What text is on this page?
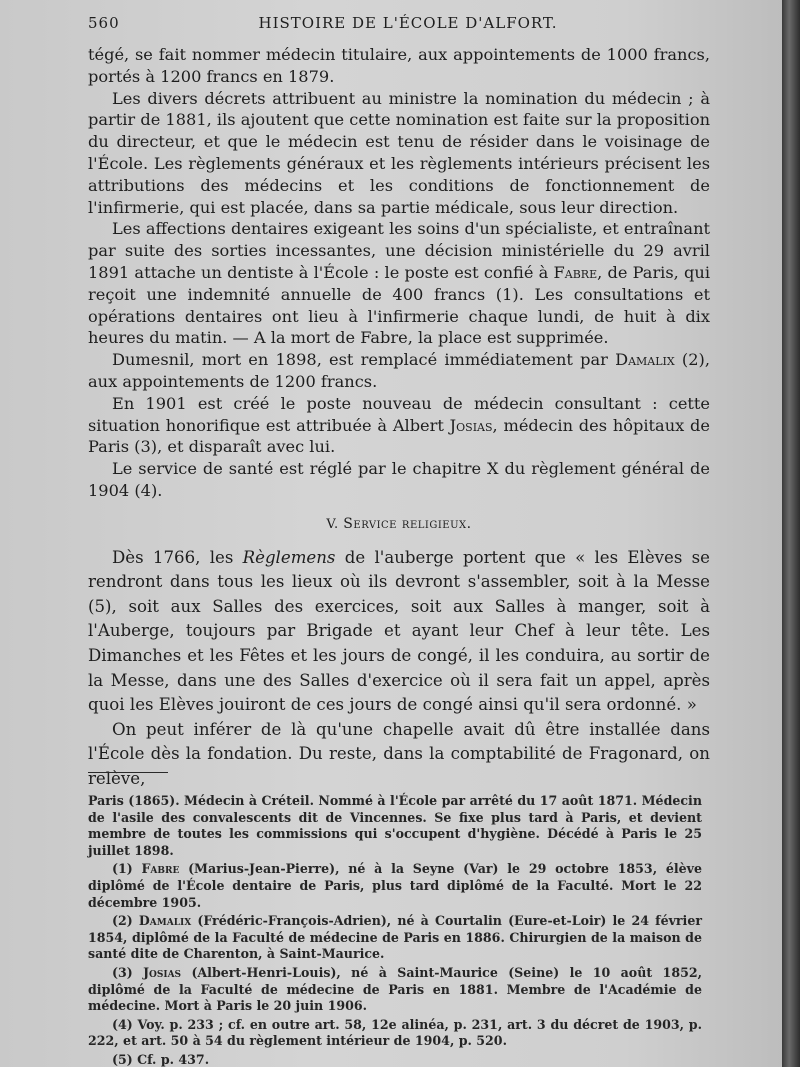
560	HISTOIRE DE L'ÉCOLE D'ALFORT.

tégé, se fait nommer médecin titulaire, aux appointements de 1000 francs, portés à 1200 francs en 1879.

Les divers décrets attribuent au ministre la nomination du médecin ; à partir de 1881, ils ajoutent que cette nomination est faite sur la proposition du directeur, et que le médecin est tenu de résider dans le voisinage de l'École. Les règlements généraux et les règlements intérieurs précisent les attributions des médecins et les conditions de fonctionnement de l'infirmerie, qui est placée, dans sa partie médicale, sous leur direction.

Les affections dentaires exigeant les soins d'un spécialiste, et entraînant par suite des sorties incessantes, une décision ministérielle du 29 avril 1891 attache un dentiste à l'École : le poste est confié à Fabre, de Paris, qui reçoit une indemnité annuelle de 400 francs (1). Les consultations et opérations dentaires ont lieu à l'infirmerie chaque lundi, de huit à dix heures du matin. — A la mort de Fabre, la place est supprimée.

Dumesnil, mort en 1898, est remplacé immédiatement par Damalix (2), aux appointements de 1200 francs.

En 1901 est créé le poste nouveau de médecin consultant : cette situation honorifique est attribuée à Albert Josias, médecin des hôpitaux de Paris (3), et disparaît avec lui.

Le service de santé est réglé par le chapitre X du règlement général de 1904 (4).

V. Service religieux.

Dès 1766, les Règlemens de l'auberge portent que « les Elèves se rendront dans tous les lieux où ils devront s'assembler, soit à la Messe (5), soit aux Salles des exercices, soit aux Salles à manger, soit à l'Auberge, toujours par Brigade et ayant leur Chef à leur tête. Les Dimanches et les Fêtes et les jours de congé, il les conduira, au sortir de la Messe, dans une des Salles d'exercice où il sera fait un appel, après quoi les Elèves jouiront de ces jours de congé ainsi qu'il sera ordonné. »

On peut inférer de là qu'une chapelle avait dû être installée dans l'École dès la fondation. Du reste, dans la comptabilité de Fragonard, on relève,

Paris (1865). Médecin à Créteil. Nommé à l'École par arrêté du 17 août 1871. Médecin de l'asile des convalescents dit de Vincennes. Se fixe plus tard à Paris, et devient membre de toutes les commissions qui s'occupent d'hygiène. Décédé à Paris le 25 juillet 1898.

(1) Fabre (Marius-Jean-Pierre), né à la Seyne (Var) le 29 octobre 1853, élève diplômé de l'École dentaire de Paris, plus tard diplômé de la Faculté. Mort le 22 décembre 1905.

(2) Damalix (Frédéric-François-Adrien), né à Courtalin (Eure-et-Loir) le 24 février 1854, diplômé de la Faculté de médecine de Paris en 1886. Chirurgien de la maison de santé dite de Charenton, à Saint-Maurice.

(3) Josias (Albert-Henri-Louis), né à Saint-Maurice (Seine) le 10 août 1852, diplômé de la Faculté de médecine de Paris en 1881. Membre de l'Académie de médecine. Mort à Paris le 20 juin 1906.

(4) Voy. p. 233 ; cf. en outre art. 58, 12e alinéa, p. 231, art. 3 du décret de 1903, p. 222, et art. 50 à 54 du règlement intérieur de 1904, p. 520.

(5) Cf. p. 437.
